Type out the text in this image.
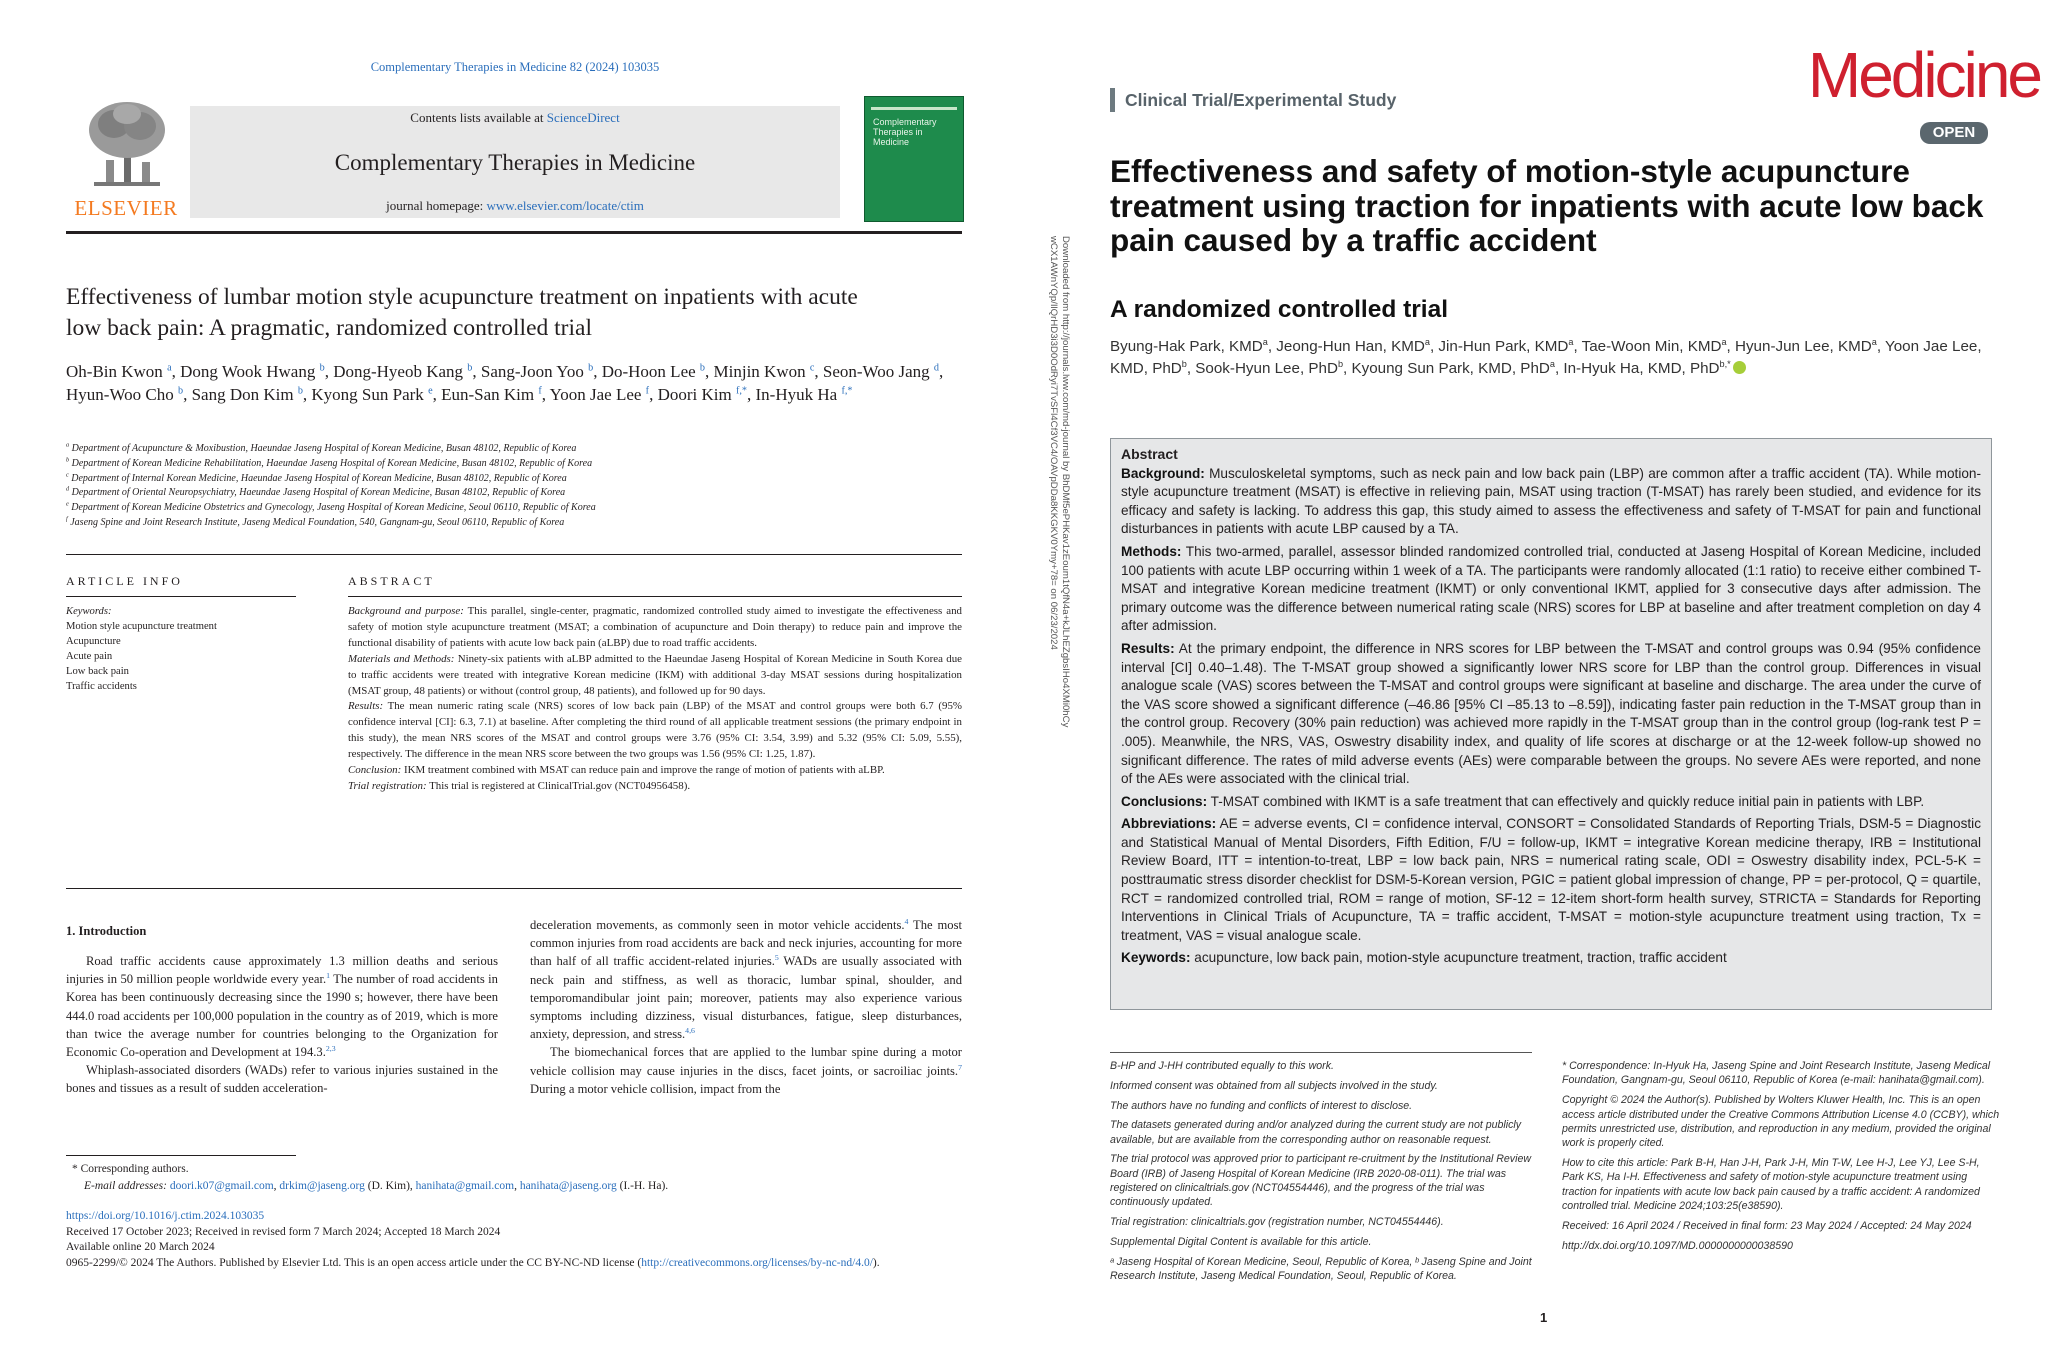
Complementary Therapies in Medicine 82 (2024) 103035
ELSEVIER
Contents lists available at ScienceDirect
Complementary Therapies in Medicine
journal homepage: www.elsevier.com/locate/ctim
Complementary Therapies in Medicine
Effectiveness of lumbar motion style acupuncture treatment on inpatients with acute low back pain: A pragmatic, randomized controlled trial
Oh-Bin Kwon $^a$, Dong Wook Hwang $^b$, Dong-Hyeob Kang $^b$, Sang-Joon Yoo $^b$, Do-Hoon Lee $^b$, Minjin Kwon $^c$, Seon-Woo Jang $^d$, Hyun-Woo Cho $^b$, Sang Don Kim $^b$, Kyong Sun Park $^e$, Eun-San Kim $^f$, Yoon Jae Lee $^f$, Doori Kim $^{f,*}$, In-Hyuk Ha $^{f,*}$
$^a$ Department of Acupuncture & Moxibustion, Haeundae Jaseng Hospital of Korean Medicine, Busan 48102, Republic of Korea
$^b$ Department of Korean Medicine Rehabilitation, Haeundae Jaseng Hospital of Korean Medicine, Busan 48102, Republic of Korea
$^c$ Department of Internal Korean Medicine, Haeundae Jaseng Hospital of Korean Medicine, Busan 48102, Republic of Korea
$^d$ Department of Oriental Neuropsychiatry, Haeundae Jaseng Hospital of Korean Medicine, Busan 48102, Republic of Korea
$^e$ Department of Korean Medicine Obstetrics and Gynecology, Jaseng Hospital of Korean Medicine, Seoul 06110, Republic of Korea
$^f$ Jaseng Spine and Joint Research Institute, Jaseng Medical Foundation, 540, Gangnam-gu, Seoul 06110, Republic of Korea
ARTICLE INFO	ABSTRACT
Keywords:
Motion style acupuncture treatment
Acupuncture
Acute pain
Low back pain
Traffic accidents

Background and purpose: This parallel, single-center, pragmatic, randomized controlled study aimed to investigate the effectiveness and safety of motion style acupuncture treatment (MSAT; a combination of acupuncture and Doin therapy) to reduce pain and improve the functional disability of patients with acute low back pain (aLBP) due to road traffic accidents.

Materials and Methods: Ninety-six patients with aLBP admitted to the Haeundae Jaseng Hospital of Korean Medicine in South Korea due to traffic accidents were treated with integrative Korean medicine (IKM) with additional 3-day MSAT sessions during hospitalization (MSAT group, 48 patients) or without (control group, 48 patients), and followed up for 90 days.

Results: The mean numeric rating scale (NRS) scores of low back pain (LBP) of the MSAT and control groups were both 6.7 (95% confidence interval [CI]: 6.3, 7.1) at baseline. After completing the third round of all applicable treatment sessions (the primary endpoint in this study), the mean NRS scores of the MSAT and control groups were 3.76 (95% CI: 3.54, 3.99) and 5.32 (95% CI: 5.09, 5.55), respectively. The difference in the mean NRS score between the two groups was 1.56 (95% CI: 1.25, 1.87).

Conclusion: IKM treatment combined with MSAT can reduce pain and improve the range of motion of patients with aLBP.

Trial registration: This trial is registered at ClinicalTrial.gov (NCT04956458).

1. Introduction

Road traffic accidents cause approximately 1.3 million deaths and serious injuries in 50 million people worldwide every year.$^1$ The number of road accidents in Korea has been continuously decreasing since the 1990 s; however, there have been 444.0 road accidents per 100,000 population in the country as of 2019, which is more than twice the average number for countries belonging to the Organization for Economic Co-operation and Development at 194.3.$^{2,3}$

Whiplash-associated disorders (WADs) refer to various injuries sustained in the bones and tissues as a result of sudden acceleration-

deceleration movements, as commonly seen in motor vehicle accidents.$^4$ The most common injuries from road accidents are back and neck injuries, accounting for more than half of all traffic accident-related injuries.$^5$ WADs are usually associated with neck pain and stiffness, as well as thoracic, lumbar spinal, shoulder, and temporomandibular joint pain; moreover, patients may also experience various symptoms including dizziness, visual disturbances, fatigue, sleep disturbances, anxiety, depression, and stress.$^{4,6}$

The biomechanical forces that are applied to the lumbar spine during a motor vehicle collision may cause injuries in the discs, facet joints, or sacroiliac joints.$^7$ During a motor vehicle collision, impact from the

* Corresponding authors.
E-mail addresses: doori.k07@gmail.com, drkim@jaseng.org (D. Kim), hanihata@gmail.com, hanihata@jaseng.org (I.-H. Ha).
https://doi.org/10.1016/j.ctim.2024.103035
Received 17 October 2023; Received in revised form 7 March 2024; Accepted 18 March 2024
Available online 20 March 2024
0965-2299/© 2024 The Authors. Published by Elsevier Ltd. This is an open access article under the CC BY-NC-ND license (http://creativecommons.org/licenses/by-nc-nd/4.0/).
Downloaded from http://journals.lww.com/md-journal by BhDMf5ePHKav1zEoum1tQfN4a+kJLhEZgbsIHo4XMi0hCy
wCX1AWnYQp/IlQrHD3i3D0OdRyi7TvSFl4Cf3VC4/OAVpDDa8KKGKV0Ymy+78= on 06/23/2024
Clinical Trial/Experimental Study	Medicine
OPEN
Effectiveness and safety of motion-style acupuncture treatment using traction for inpatients with acute low back pain caused by a traffic accident
A randomized controlled trial
Byung-Hak Park, KMD$^a$, Jeong-Hun Han, KMD$^a$, Jin-Hun Park, KMD$^a$, Tae-Woon Min, KMD$^a$, Hyun-Jun Lee, KMD$^a$, Yoon Jae Lee, KMD, PhD$^b$, Sook-Hyun Lee, PhD$^b$, Kyoung Sun Park, KMD, PhD$^a$, In-Hyuk Ha, KMD, PhD$^{b,*}$
Abstract

Background: Musculoskeletal symptoms, such as neck pain and low back pain (LBP) are common after a traffic accident (TA). While motion-style acupuncture treatment (MSAT) is effective in relieving pain, MSAT using traction (T-MSAT) has rarely been studied, and evidence for its efficacy and safety is lacking. To address this gap, this study aimed to assess the effectiveness and safety of T-MSAT for pain and functional disturbances in patients with acute LBP caused by a TA.

Methods: This two-armed, parallel, assessor blinded randomized controlled trial, conducted at Jaseng Hospital of Korean Medicine, included 100 patients with acute LBP occurring within 1 week of a TA. The participants were randomly allocated (1:1 ratio) to receive either combined T-MSAT and integrative Korean medicine treatment (IKMT) or only conventional IKMT, applied for 3 consecutive days after admission. The primary outcome was the difference between numerical rating scale (NRS) scores for LBP at baseline and after treatment completion on day 4 after admission.

Results: At the primary endpoint, the difference in NRS scores for LBP between the T-MSAT and control groups was 0.94 (95% confidence interval [CI] 0.40–1.48). The T-MSAT group showed a significantly lower NRS score for LBP than the control group. Differences in visual analogue scale (VAS) scores between the T-MSAT and control groups were significant at baseline and discharge. The area under the curve of the VAS score showed a significant difference (–46.86 [95% CI –85.13 to –8.59]), indicating faster pain reduction in the T-MSAT group than in the control group. Recovery (30% pain reduction) was achieved more rapidly in the T-MSAT group than in the control group (log-rank test P = .005). Meanwhile, the NRS, VAS, Oswestry disability index, and quality of life scores at discharge or at the 12-week follow-up showed no significant difference. The rates of mild adverse events (AEs) were comparable between the groups. No severe AEs were reported, and none of the AEs were associated with the clinical trial.

Conclusions: T-MSAT combined with IKMT is a safe treatment that can effectively and quickly reduce initial pain in patients with LBP.

Abbreviations: AE = adverse events, CI = confidence interval, CONSORT = Consolidated Standards of Reporting Trials, DSM-5 = Diagnostic and Statistical Manual of Mental Disorders, Fifth Edition, F/U = follow-up, IKMT = integrative Korean medicine therapy, IRB = Institutional Review Board, ITT = intention-to-treat, LBP = low back pain, NRS = numerical rating scale, ODI = Oswestry disability index, PCL-5-K = posttraumatic stress disorder checklist for DSM-5-Korean version, PGIC = patient global impression of change, PP = per-protocol, Q = quartile, RCT = randomized controlled trial, ROM = range of motion, SF-12 = 12-item short-form health survey, STRICTA = Standards for Reporting Interventions in Clinical Trials of Acupuncture, TA = traffic accident, T-MSAT = motion-style acupuncture treatment using traction, Tx = treatment, VAS = visual analogue scale.

Keywords: acupuncture, low back pain, motion-style acupuncture treatment, traction, traffic accident

B-HP and J-HH contributed equally to this work.

Informed consent was obtained from all subjects involved in the study.

The authors have no funding and conflicts of interest to disclose.

The datasets generated during and/or analyzed during the current study are not publicly available, but are available from the corresponding author on reasonable request.

The trial protocol was approved prior to participant re-cruitment by the Institutional Review Board (IRB) of Jaseng Hospital of Korean Medicine (IRB 2020-08-011). The trial was registered on clinicaltrials.gov (NCT04554446), and the progress of the trial was continuously updated.

Trial registration: clinicaltrials.gov (registration number, NCT04554446).

Supplemental Digital Content is available for this article.

ᵃ Jaseng Hospital of Korean Medicine, Seoul, Republic of Korea, ᵇ Jaseng Spine and Joint Research Institute, Jaseng Medical Foundation, Seoul, Republic of Korea.

* Correspondence: In-Hyuk Ha, Jaseng Spine and Joint Research Institute, Jaseng Medical Foundation, Gangnam-gu, Seoul 06110, Republic of Korea (e-mail: hanihata@gmail.com).

Copyright © 2024 the Author(s). Published by Wolters Kluwer Health, Inc. This is an open access article distributed under the Creative Commons Attribution License 4.0 (CCBY), which permits unrestricted use, distribution, and reproduction in any medium, provided the original work is properly cited.

How to cite this article: Park B-H, Han J-H, Park J-H, Min T-W, Lee H-J, Lee YJ, Lee S-H, Park KS, Ha I-H. Effectiveness and safety of motion-style acupuncture treatment using traction for inpatients with acute low back pain caused by a traffic accident: A randomized controlled trial. Medicine 2024;103:25(e38590).

Received: 16 April 2024 / Received in final form: 23 May 2024 / Accepted: 24 May 2024

http://dx.doi.org/10.1097/MD.0000000000038590

1
